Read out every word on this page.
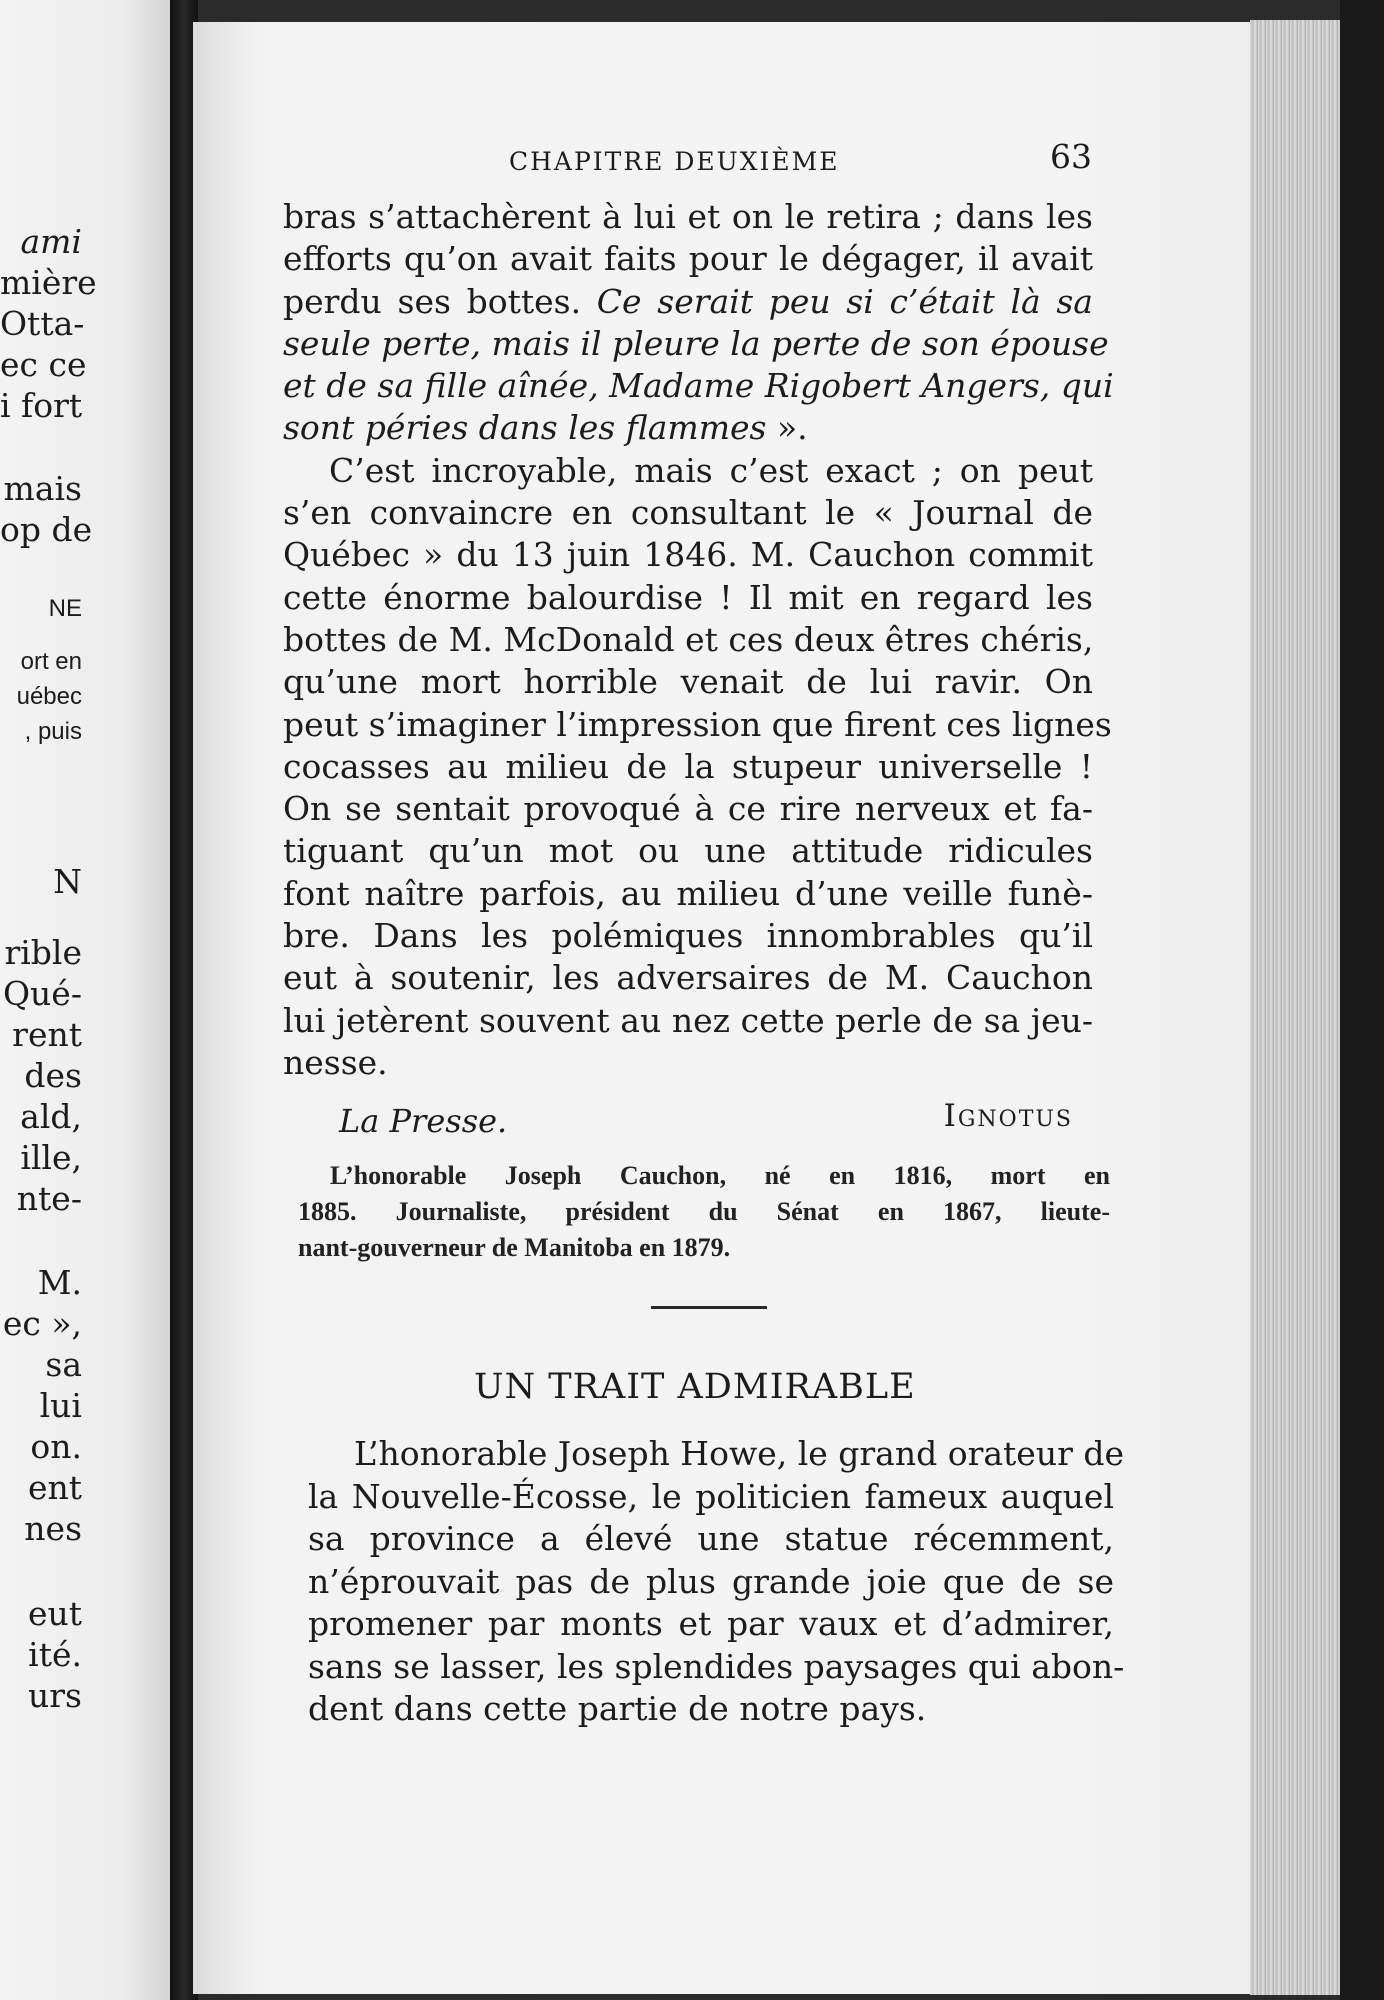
ami
mière
Otta-
ec ce
i fort
mais
op de
NE
ort en
uébec
, puis
N
rible
Qué-
rent
des
ald,
ille,
nte-
M.
ec »,
sa
lui
on.
ent
nes
eut
ité.
urs
CHAPITRE DEUXIÈME	63
bras s’attachèrent à lui et on le retira ; dans les
efforts qu’on avait faits pour le dégager, il avait
perdu ses bottes. Ce serait peu si c’était là sa
seule perte, mais il pleure la perte de son épouse
et de sa fille aînée, Madame Rigobert Angers, qui
sont péries dans les flammes ».
C’est incroyable, mais c’est exact ; on peut
s’en convaincre en consultant le « Journal de
Québec » du 13 juin 1846. M. Cauchon commit
cette énorme balourdise ! Il mit en regard les
bottes de M. McDonald et ces deux êtres chéris,
qu’une mort horrible venait de lui ravir. On
peut s’imaginer l’impression que firent ces lignes
cocasses au milieu de la stupeur universelle !
On se sentait provoqué à ce rire nerveux et fa-
tiguant qu’un mot ou une attitude ridicules
font naître parfois, au milieu d’une veille funè-
bre. Dans les polémiques innombrables qu’il
eut à soutenir, les adversaires de M. Cauchon
lui jetèrent souvent au nez cette perle de sa jeu-
nesse.
La Presse.	Ignotus
L’honorable Joseph Cauchon, né en 1816, mort en
1885. Journaliste, président du Sénat en 1867, lieute-
nant-gouverneur de Manitoba en 1879.
UN TRAIT ADMIRABLE
L’honorable Joseph Howe, le grand orateur de
la Nouvelle-Écosse, le politicien fameux auquel
sa province a élevé une statue récemment,
n’éprouvait pas de plus grande joie que de se
promener par monts et par vaux et d’admirer,
sans se lasser, les splendides paysages qui abon-
dent dans cette partie de notre pays.
